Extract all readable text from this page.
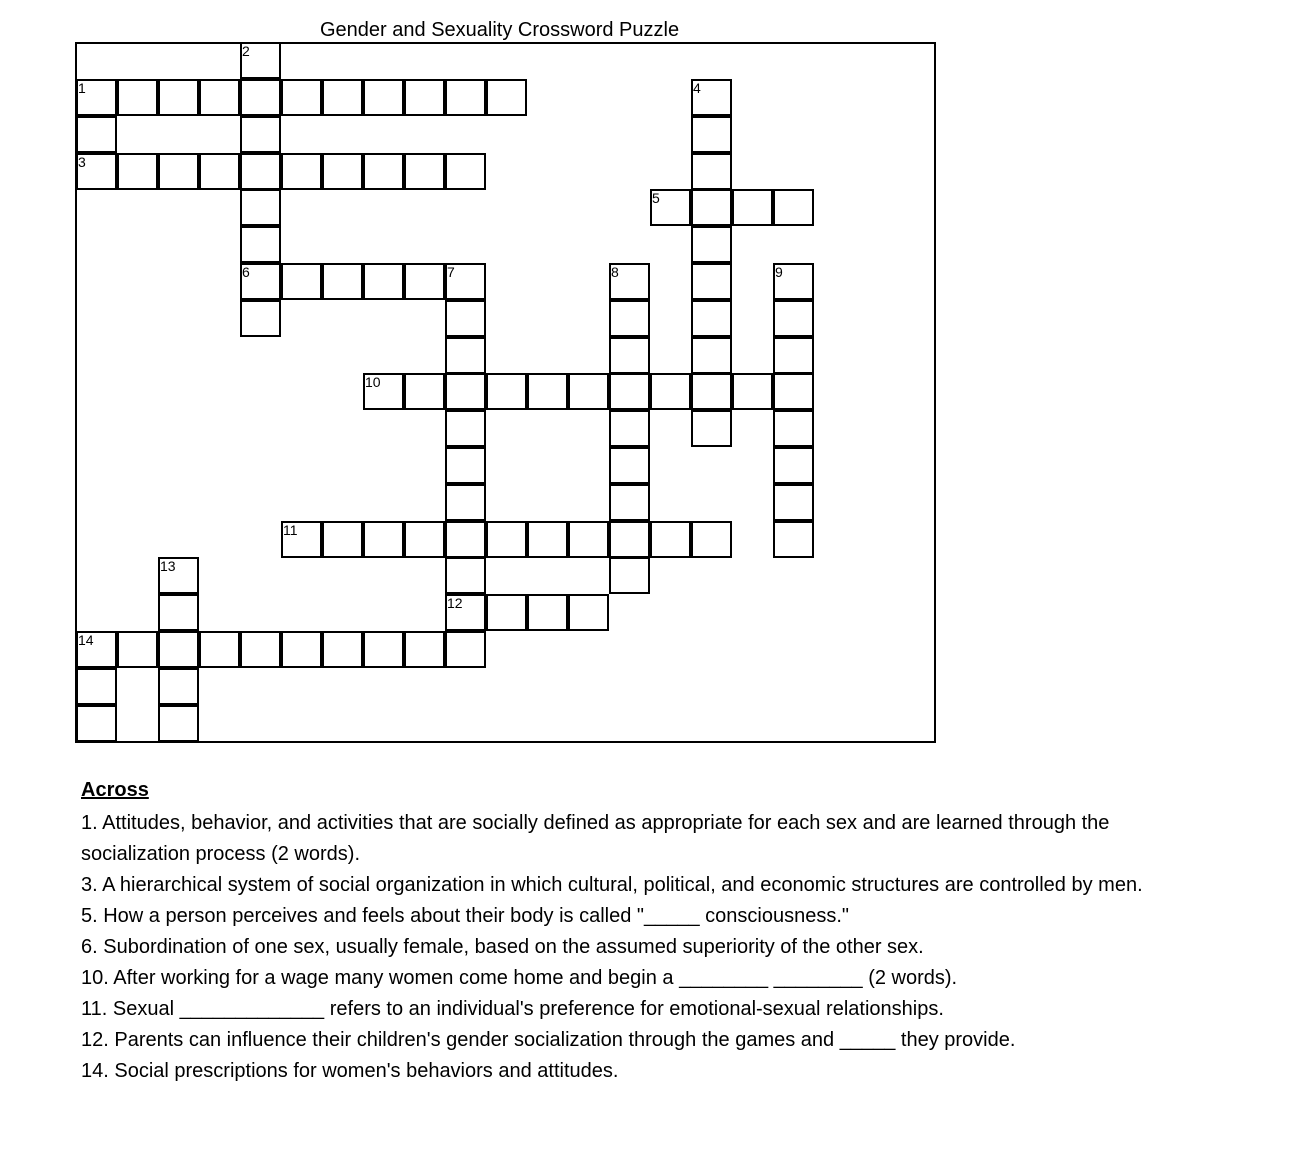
Gender and Sexuality Crossword Puzzle
1
2
6
3
4
5
7
12
8	9
10
11
13
14
Across

1. Attitudes, behavior, and activities that are socially defined as appropriate for each sex and are learned through the socialization process (2 words).

3. A hierarchical system of social organization in which cultural, political, and economic structures are controlled by men.

5. How a person perceives and feels about their body is called "_____ consciousness."

6. Subordination of one sex, usually female, based on the assumed superiority of the other sex.

10. After working for a wage many women come home and begin a ________ ________ (2 words).

11. Sexual _____________ refers to an individual's preference for emotional-sexual relationships.

12. Parents can influence their children's gender socialization through the games and _____ they provide.

14. Social prescriptions for women's behaviors and attitudes.
